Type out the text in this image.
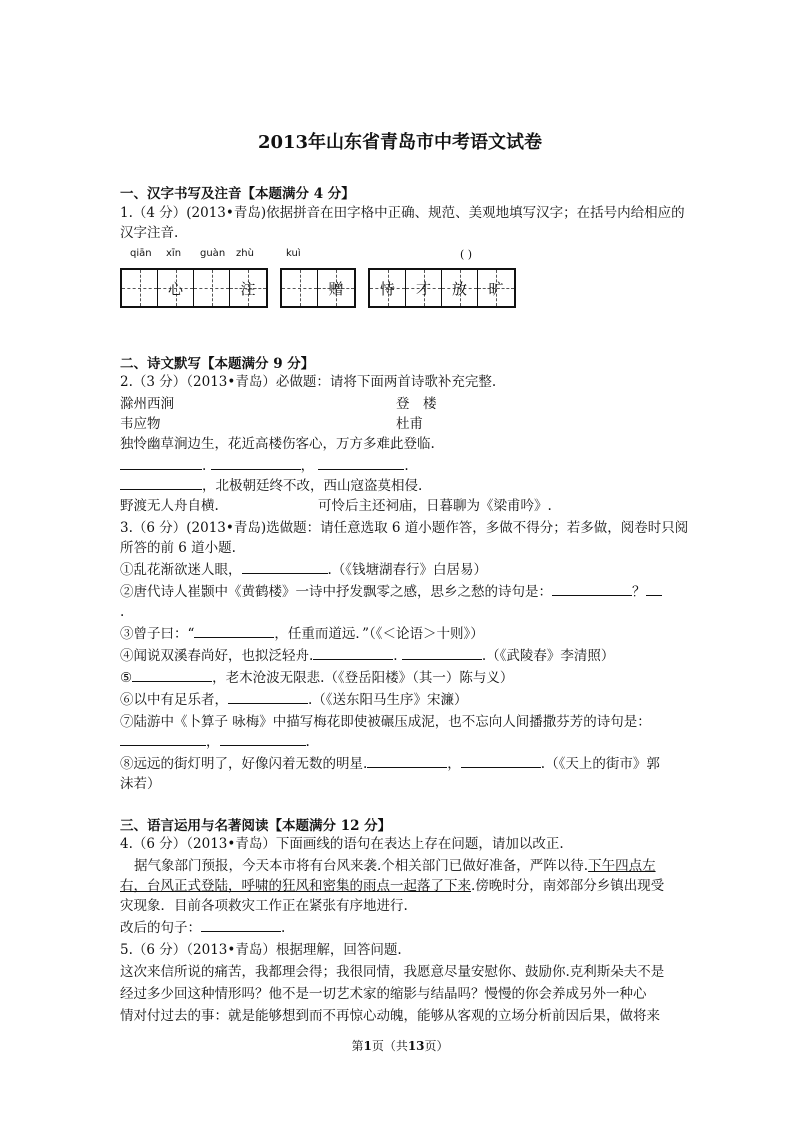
2013年山东省青岛市中考语文试卷
一、汉字书写及注音【本题满分 4 分】
1.（4 分）(2013•青岛)依据拼音在田字格中正确、规范、美观地填写汉字；在括号内给相应的
汉字注音.
qiān xīn guàn zhù	kuì	( )
心	注	赠 恃 才 放 旷
二、诗文默写【本题满分 9 分】
2.（3 分）（2013•青岛）必做题：请将下面两首诗歌补充完整.
滁州西涧	登　楼
韦应物	杜甫
独怜幽草涧边生，花近高楼伤客心，万方多难此登临.
.	，	.
，北极朝廷终不改，西山寇盗莫相侵.
野渡无人舟自横.	可怜后主还祠庙，日暮聊为《梁甫吟》.
3.（6 分）(2013•青岛)选做题：请任意选取 6 道小题作答，多做不得分；若多做，阅卷时只阅
所答的前 6 道小题.
①乱花渐欲迷人眼，	.（《钱塘湖春行》白居易）
②唐代诗人崔颢中《黄鹤楼》一诗中抒发飘零之感，思乡之愁的诗句是：	？
.
③曾子曰：“	，任重而道远．”（《＜论语＞十则》）
④闻说双溪春尚好，也拟泛轻舟.	.	.（《武陵春》李清照）
⑤	，老木沧波无限悲.（《登岳阳楼》（其一）陈与义）
⑥以中有足乐者，	.（《送东阳马生序》宋濂）
⑦陆游中《卜算子 咏梅》中描写梅花即使被碾压成泥，也不忘向人间播撒芬芳的诗句是：
，	.
⑧远远的街灯明了，好像闪着无数的明星.	，	.（《天上的街市》郭
沫若）
三、语言运用与名著阅读【本题满分 12 分】
4.（6 分）（2013•青岛）下面画线的语句在表达上存在问题，请加以改正.
据气象部门预报，今天本市将有台风来袭.个相关部门已做好准备，严阵以待.下午四点左
右，台风正式登陆，呼啸的狂风和密集的雨点一起落了下来.傍晚时分，南郊部分乡镇出现受
灾现象．目前各项救灾工作正在紧张有序地进行.
改后的句子：	.
5.（6 分）（2013•青岛）根据理解，回答问题.
这次来信所说的痛苦，我都理会得；我很同情，我愿意尽量安慰你、鼓励你.克利斯朵夫不是
经过多少回这种情形吗？他不是一切艺术家的缩影与结晶吗？慢慢的你会养成另外一种心
情对付过去的事：就是能够想到而不再惊心动魄，能够从客观的立场分析前因后果，做将来
第1页（共13页）
